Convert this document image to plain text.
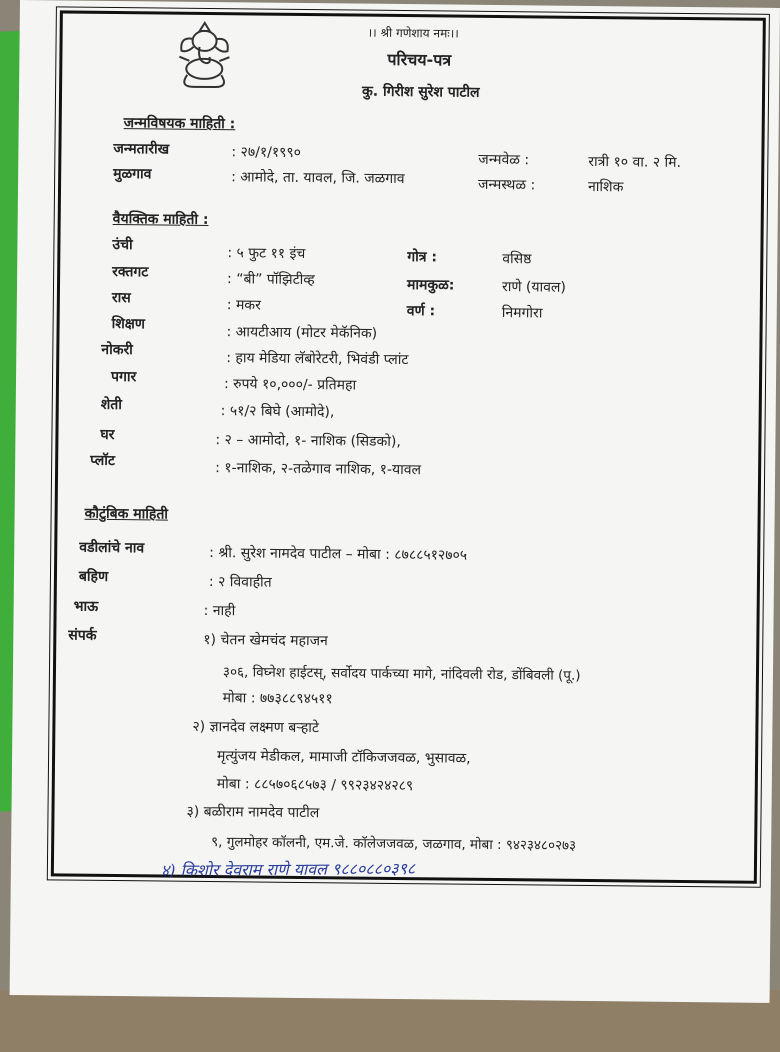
।। श्री गणेशाय नमः।।
परिचय-पत्र
कु. गिरीश सुरेश पाटील
जन्मविषयक माहिती :
जन्मतारीख	: २७/१/१९९०	जन्मवेळ :	रात्री १० वा. २ मि.
मुळगाव	: आमोदे, ता. यावल, जि. जळगाव	जन्मस्थळ :	नाशिक
वैयक्तिक माहिती :
उंची
: ५ फुट ११ इंच	गोत्र :	वसिष्ठ
रक्तगट	: “बी” पॉझिटीव्ह	मामकुळ:	राणे (यावल)
रास	: मकर	वर्ण :	निमगोरा
शिक्षण
: आयटीआय (मोटर मेकॅनिक)
नोकरी
: हाय मेडिया लॅबोरेटरी, भिवंडी प्लांट
पगार	: रुपये १०,०००/- प्रतिमहा
शेती	: ५१/२ बिघे (आमोदे),
घर	: २ – आमोदो, १- नाशिक (सिडको),
प्लॉट	: १-नाशिक, २-तळेगाव नाशिक, १-यावल
कौटुंबिक माहिती
वडीलांचे नाव	: श्री. सुरेश नामदेव पाटील – मोबा : ८७८८५१२७०५
बहिण	: २ विवाहीत
भाऊ	: नाही
संपर्क	१) चेतन खेमचंद महाजन
३०६, विघ्नेश हाईटस्, सर्वोदय पार्कच्या मागे, नांदिवली रोड, डोंबिवली (पू.)
मोबा : ७७३८८९४५११
२) ज्ञानदेव लक्ष्मण बऱ्हाटे
मृत्युंजय मेडीकल, मामाजी टॉकिजजवळ, भुसावळ,
मोबा : ८८५७०६८५७३ / ९९२३४२४२८९
३) बळीराम नामदेव पाटील
९, गुलमोहर कॉलनी, एम.जे. कॉलेजजवळ, जळगाव, मोबा : ९४२३४८०२७३
४) किशोर देवराम राणे यावल ९८८०८८०३९८
